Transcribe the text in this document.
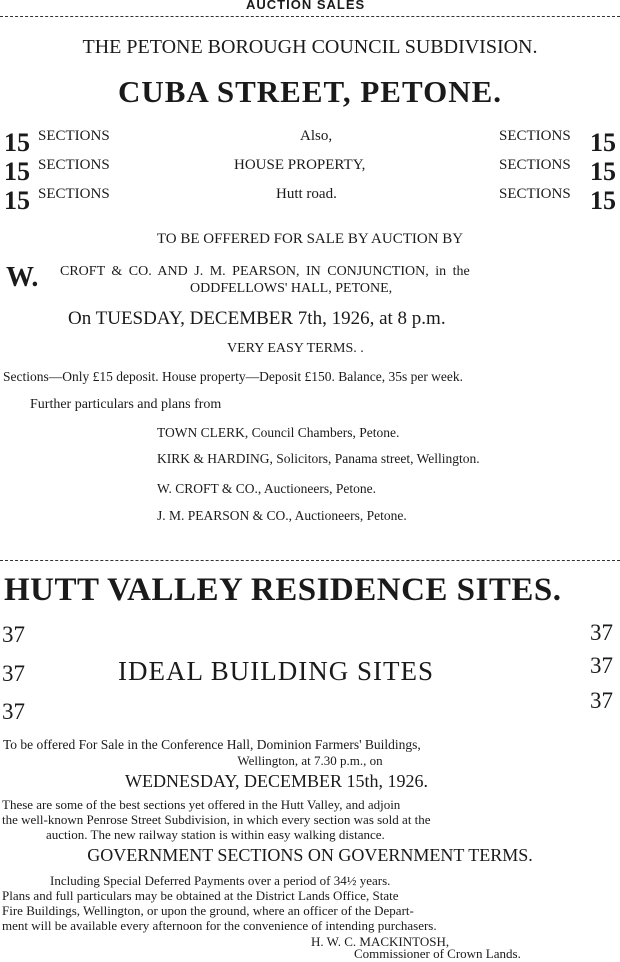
AUCTION SALES
THE PETONE BOROUGH COUNCIL SUBDIVISION.
CUBA STREET, PETONE.
15 SECTIONS	Also,	SECTIONS 15
15 SECTIONS	HOUSE PROPERTY,	SECTIONS 15
15 SECTIONS	Hutt road.	SECTIONS 15
TO BE OFFERED FOR SALE BY AUCTION BY
W. CROFT & CO. AND J. M. PEARSON, IN CONJUNCTION, in the
ODDFELLOWS' HALL, PETONE,
On TUESDAY, DECEMBER 7th, 1926, at 8 p.m.
VERY EASY TERMS. .
Sections—Only £15 deposit. House property—Deposit £150. Balance, 35s per week.
Further particulars and plans from
TOWN CLERK, Council Chambers, Petone.
KIRK & HARDING, Solicitors, Panama street, Wellington.
W. CROFT & CO., Auctioneers, Petone.
J. M. PEARSON & CO., Auctioneers, Petone.
HUTT VALLEY RESIDENCE SITES.
37
37
37
37
37
37
IDEAL BUILDING SITES
To be offered For Sale in the Conference Hall, Dominion Farmers' Buildings,
Wellington, at 7.30 p.m., on
WEDNESDAY, DECEMBER 15th, 1926.
These are some of the best sections yet offered in the Hutt Valley, and adjoin
the well-known Penrose Street Subdivision, in which every section was sold at the
auction. The new railway station is within easy walking distance.
GOVERNMENT SECTIONS ON GOVERNMENT TERMS.
Including Special Deferred Payments over a period of 34½ years.
Plans and full particulars may be obtained at the District Lands Office, State
Fire Buildings, Wellington, or upon the ground, where an officer of the Depart-
ment will be available every afternoon for the convenience of intending purchasers.
H. W. C. MACKINTOSH,
Commissioner of Crown Lands.
